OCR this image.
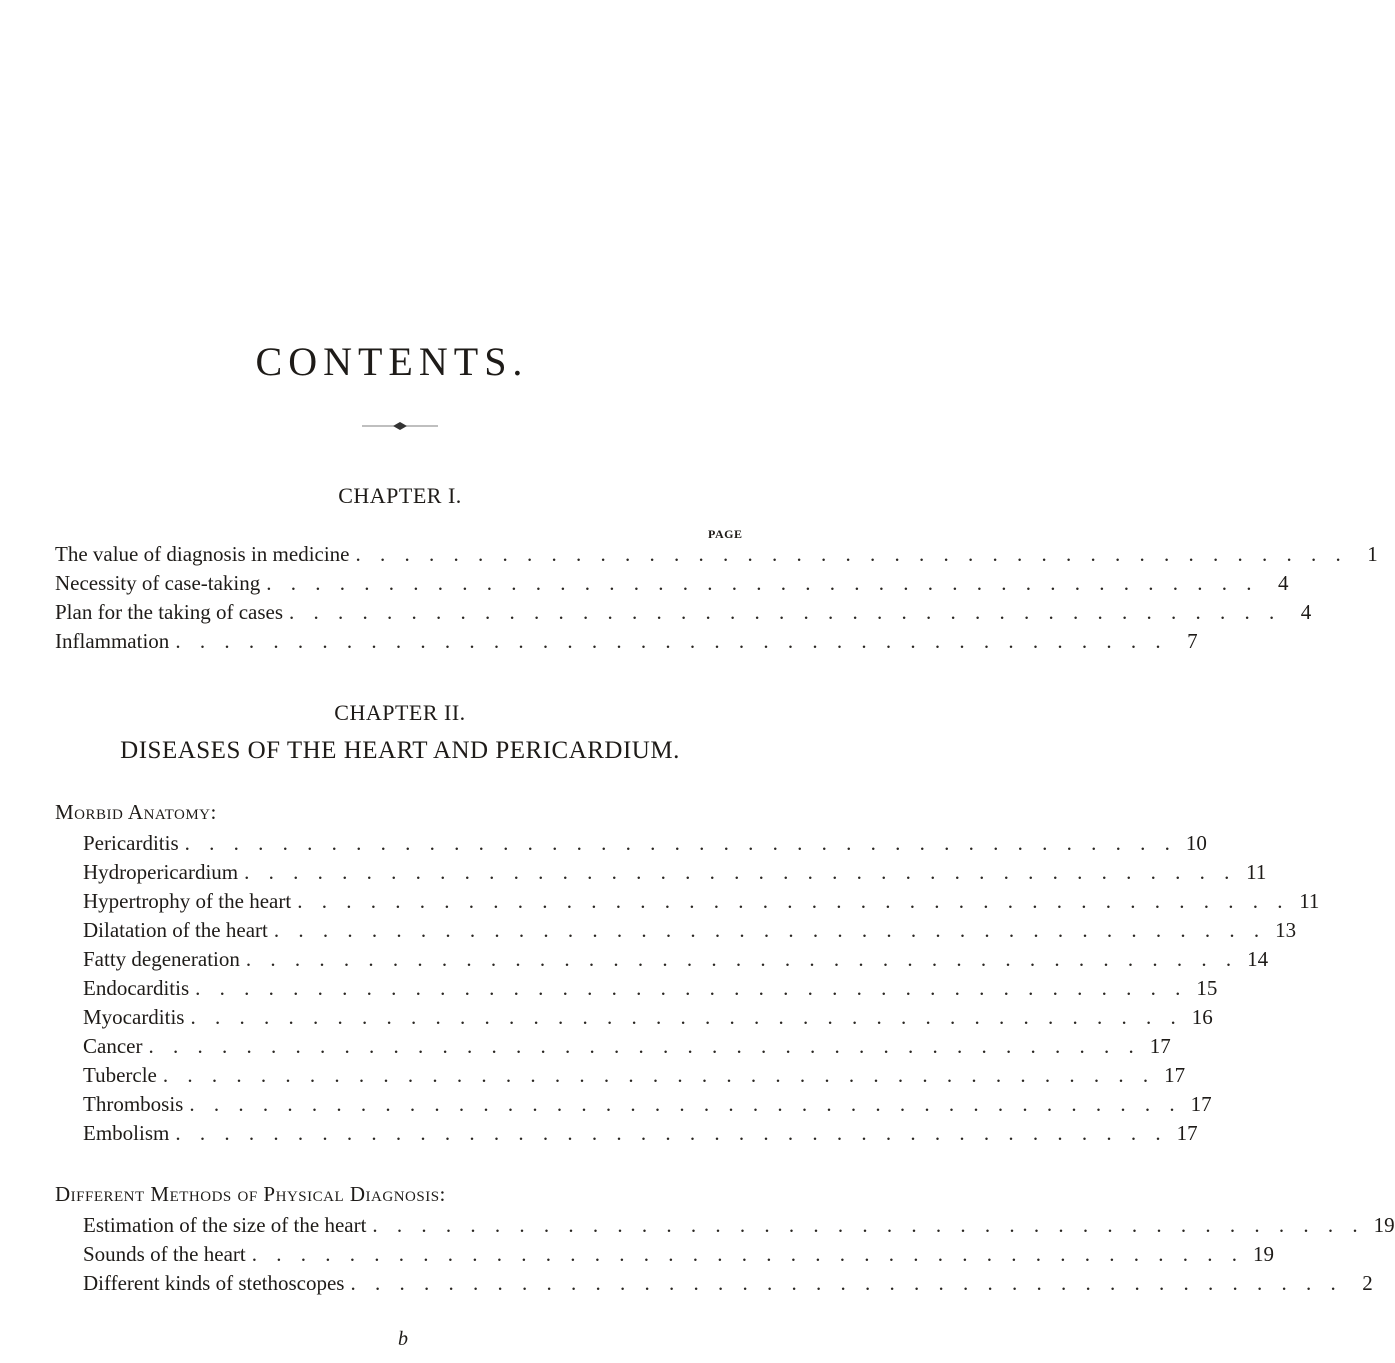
CONTENTS.
CHAPTER I.
PAGE
The value of diagnosis in medicine . . . . . . . . . . . . . . . . . . . . . . . . . . . . . . . . . . . . . . . . . 1
Necessity of case-taking . . . . . . . . . . . . . . . . . . . . . . . . . . . . . . . . . . . . . . . . . 4
Plan for the taking of cases . . . . . . . . . . . . . . . . . . . . . . . . . . . . . . . . . . . . . . . . . 4
Inflammation . . . . . . . . . . . . . . . . . . . . . . . . . . . . . . . . . . . . . . . . . 7
CHAPTER II.
DISEASES OF THE HEART AND PERICARDIUM.
Morbid Anatomy:
Pericarditis . . . . . . . . . . . . . . . . . . . . . . . . . . . . . . . . . . . . . . . . . 10
Hydropericardium . . . . . . . . . . . . . . . . . . . . . . . . . . . . . . . . . . . . . . . . . 11
Hypertrophy of the heart . . . . . . . . . . . . . . . . . . . . . . . . . . . . . . . . . . . . . . . . . 11
Dilatation of the heart . . . . . . . . . . . . . . . . . . . . . . . . . . . . . . . . . . . . . . . . . 13
Fatty degeneration . . . . . . . . . . . . . . . . . . . . . . . . . . . . . . . . . . . . . . . . . 14
Endocarditis . . . . . . . . . . . . . . . . . . . . . . . . . . . . . . . . . . . . . . . . . 15
Myocarditis . . . . . . . . . . . . . . . . . . . . . . . . . . . . . . . . . . . . . . . . . 16
Cancer . . . . . . . . . . . . . . . . . . . . . . . . . . . . . . . . . . . . . . . . . 17
Tubercle . . . . . . . . . . . . . . . . . . . . . . . . . . . . . . . . . . . . . . . . . 17
Thrombosis . . . . . . . . . . . . . . . . . . . . . . . . . . . . . . . . . . . . . . . . . 17
Embolism . . . . . . . . . . . . . . . . . . . . . . . . . . . . . . . . . . . . . . . . . 17
Different Methods of Physical Diagnosis:
Estimation of the size of the heart . . . . . . . . . . . . . . . . . . . . . . . . . . . . . . . . . . . . . . . . . 19
Sounds of the heart . . . . . . . . . . . . . . . . . . . . . . . . . . . . . . . . . . . . . . . . . 19
Different kinds of stethoscopes . . . . . . . . . . . . . . . . . . . . . . . . . . . . . . . . . . . . . . . . . 2
b
